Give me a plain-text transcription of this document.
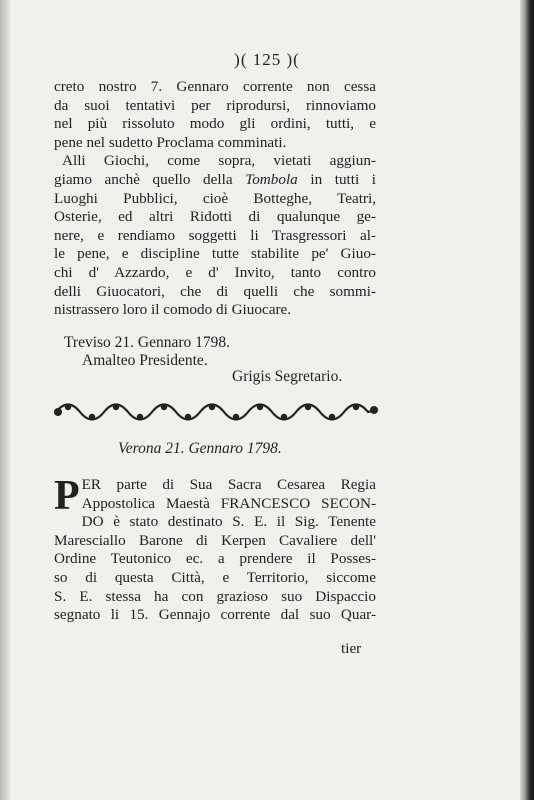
)( 125 )(
creto nostro 7. Gennaro corrente non cessa
da suoi tentativi per riprodursi, rinnoviamo
nel più rissoluto modo gli ordini, tutti, e
pene nel sudetto Proclama comminati.
Alli Giochi, come sopra, vietati aggiun-
giamo anchè quello della Tombola in tutti i
Luoghi Pubblici, cioè Botteghe, Teatri,
Osterie, ed altri Ridotti di qualunque ge-
nere, e rendiamo soggetti li Trasgressori al-
le pene, e discipline tutte stabilite pe' Giuo-
chi d' Azzardo, e d' Invito, tanto contro
delli Giuocatori, che di quelli che sommi-
nistrassero loro il comodo di Giuocare.
Treviso 21. Gennaro 1798.
Amalteo Presidente.
Grigis Segretario.
Verona 21. Gennaro 1798.
PER parte di Sua Sacra Cesarea Regia
Appostolica Maestà FRANCESCO SECON-
DO è stato destinato S. E. il Sig. Tenente
Maresciallo Barone di Kerpen Cavaliere dell'
Ordine Teutonico ec. a prendere il Posses-
so di questa Città, e Territorio, siccome
S. E. stessa ha con grazioso suo Dispaccio
segnato li 15. Gennajo corrente dal suo Quar-
tier
